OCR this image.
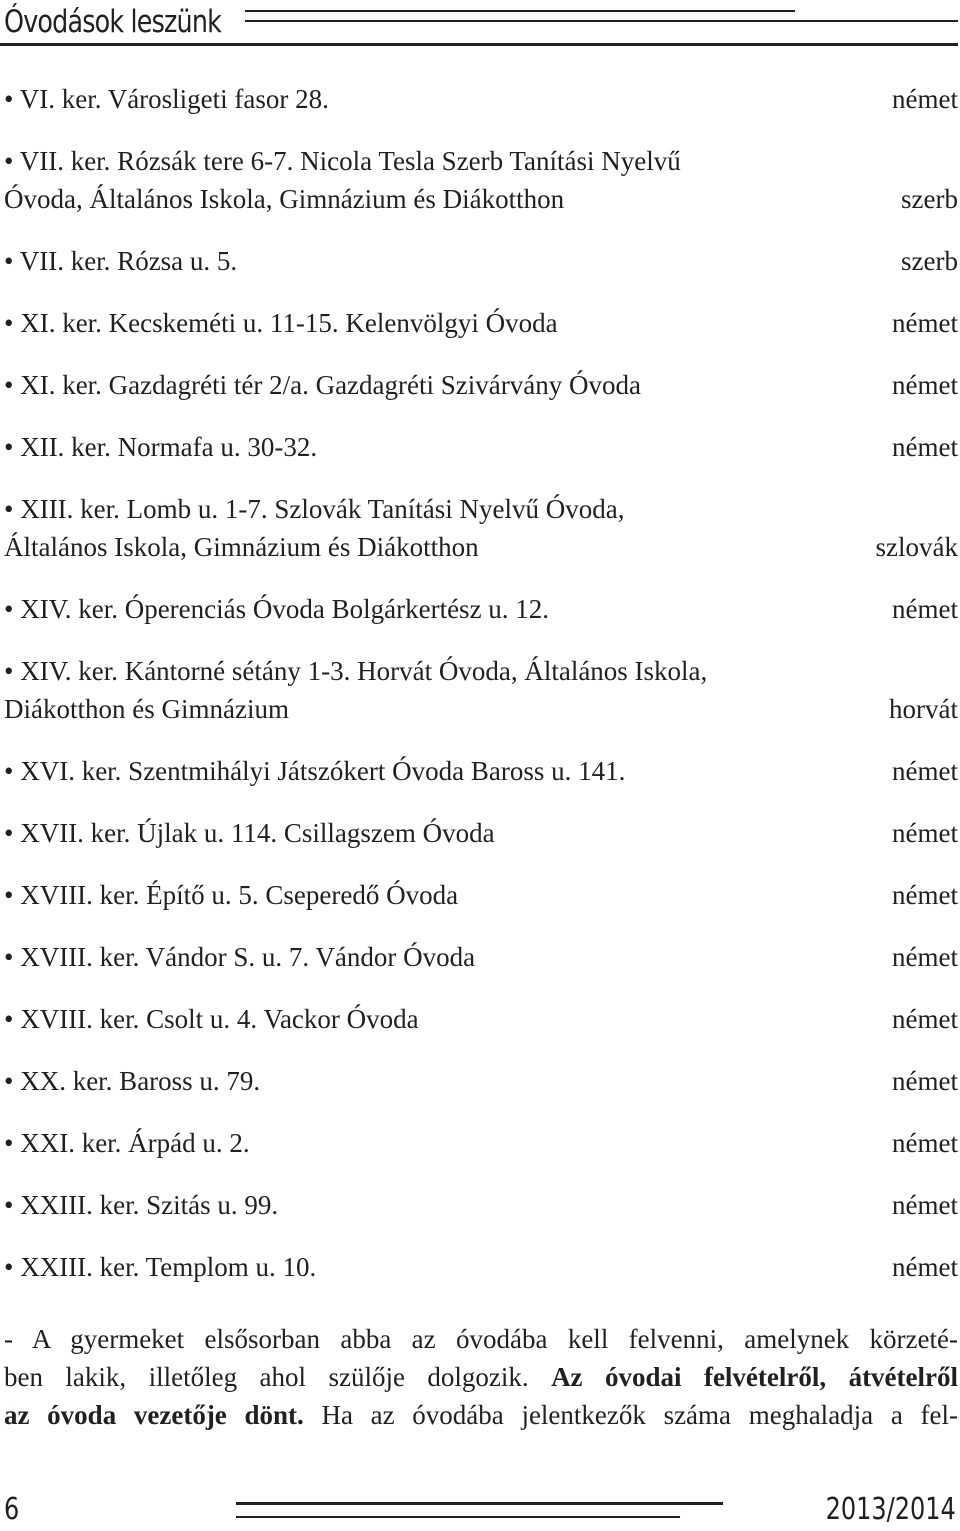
Óvodások leszünk
• VI. ker. Városligeti fasor 28.	német
• VII. ker. Rózsák tere 6-7. Nicola Tesla Szerb Tanítási Nyelvű
Óvoda, Általános Iskola, Gimnázium és Diákotthon	szerb
• VII. ker. Rózsa u. 5.	szerb
• XI. ker. Kecskeméti u. 11-15. Kelenvölgyi Óvoda	német
• XI. ker. Gazdagréti tér 2/a. Gazdagréti Szivárvány Óvoda	német
• XII. ker. Normafa u. 30-32.	német
• XIII. ker. Lomb u. 1-7. Szlovák Tanítási Nyelvű Óvoda,
Általános Iskola, Gimnázium és Diákotthon	szlovák
• XIV. ker. Óperenciás Óvoda Bolgárkertész u. 12.	német
• XIV. ker. Kántorné sétány 1-3. Horvát Óvoda, Általános Iskola,
Diákotthon és Gimnázium	horvát
• XVI. ker. Szentmihályi Játszókert Óvoda Baross u. 141.	német
• XVII. ker. Újlak u. 114. Csillagszem Óvoda	német
• XVIII. ker. Építő u. 5. Cseperedő Óvoda	német
• XVIII. ker. Vándor S. u. 7. Vándor Óvoda	német
• XVIII. ker. Csolt u. 4. Vackor Óvoda	német
• XX. ker. Baross u. 79.	német
• XXI. ker. Árpád u. 2.	német
• XXIII. ker. Szitás u. 99.	német
• XXIII. ker. Templom u. 10.	német
- A gyermeket elsősorban abba az óvodába kell felvenni, amelynek körzeté-
ben lakik, illetőleg ahol szülője dolgozik. Az óvodai felvételről, átvételről
az óvoda vezetője dönt. Ha az óvodába jelentkezők száma meghaladja a fel-
6	2013/2014
